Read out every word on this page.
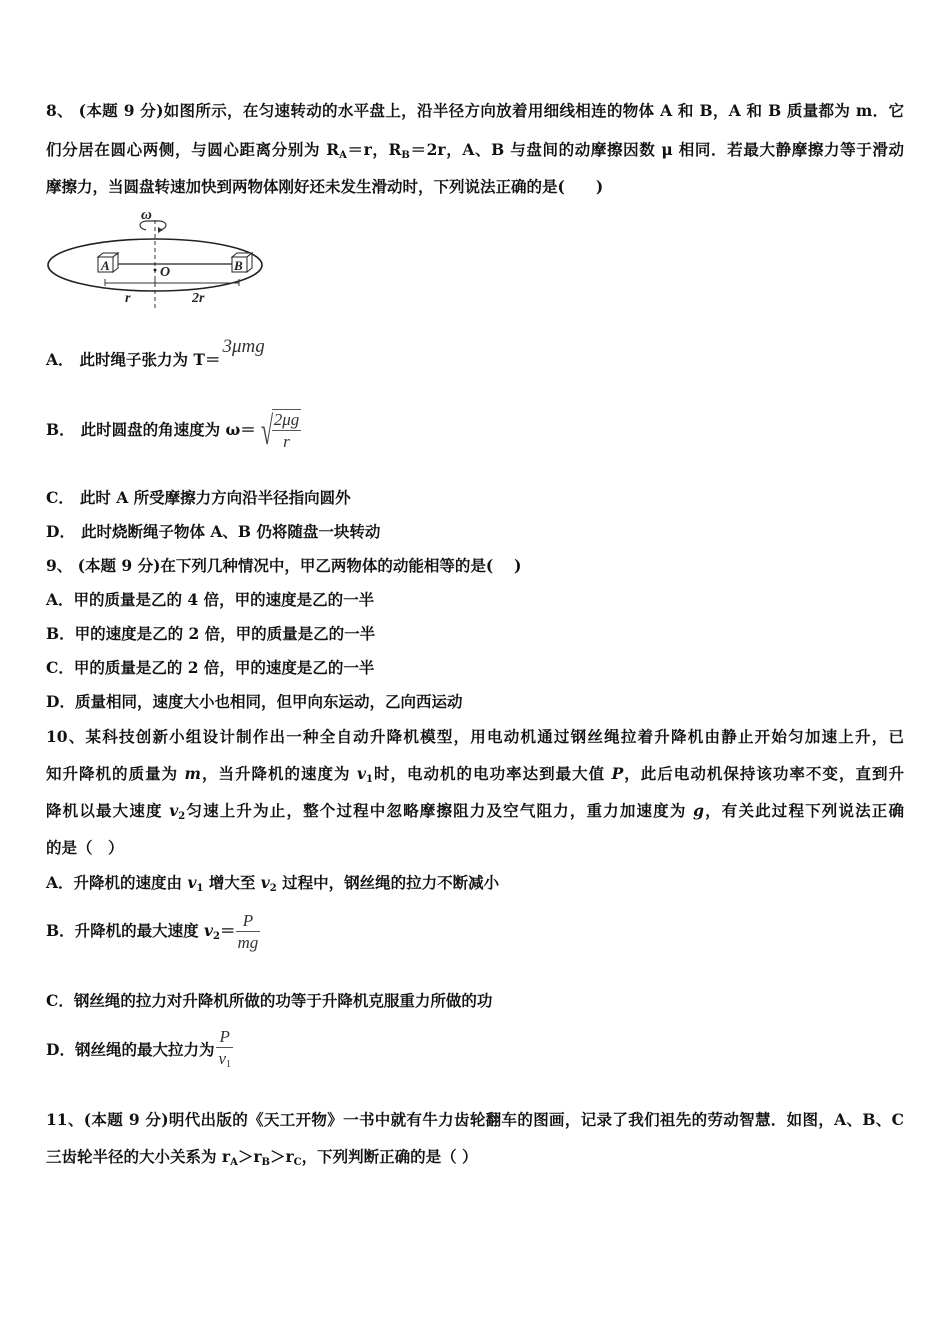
8、 (本题 9 分)如图所示，在匀速转动的水平盘上，沿半径方向放着用细线相连的物体 A 和 B，A 和 B 质量都为 m．它
们分居在圆心两侧，与圆心距离分别为 $R_A=r$，$R_B=2r$，A、B 与盘间的动摩擦因数 μ 相同．若最大静摩擦力等于滑动
摩擦力，当圆盘转速加快到两物体刚好还未发生滑动时，下列说法正确的是(　　)
ω
A	B
O
r	2r
A． 此时绳子张力为 T＝3μmg
B． 此时圆盘的角速度为 ω＝ √
$\frac{2\mu g}{r}$
C． 此时 A 所受摩擦力方向沿半径指向圆外
D． 此时烧断绳子物体 A、B 仍将随盘一块转动
9、 (本题 9 分)在下列几种情况中，甲乙两物体的动能相等的是(　 )
A．甲的质量是乙的 4 倍，甲的速度是乙的一半
B．甲的速度是乙的 2 倍，甲的质量是乙的一半
C．甲的质量是乙的 2 倍，甲的速度是乙的一半
D．质量相同，速度大小也相同，但甲向东运动，乙向西运动
10、某科技创新小组设计制作出一种全自动升降机模型，用电动机通过钢丝绳拉着升降机由静止开始匀加速上升，已
知升降机的质量为 m，当升降机的速度为 $v_1$时，电动机的电功率达到最大值 P，此后电动机保持该功率不变，直到升
降机以最大速度 $v_2$匀速上升为止，整个过程中忽略摩擦阻力及空气阻力，重力加速度为 g，有关此过程下列说法正确
的是（　）
A．升降机的速度由 $v_1$ 增大至 $v_2$ 过程中，钢丝绳的拉力不断减小
B．升降机的最大速度 $v_2= \frac{P}{mg}$
C．钢丝绳的拉力对升降机所做的功等于升降机克服重力所做的功
D．钢丝绳的最大拉力为 $\frac{P}{v_1}$
11、(本题 9 分)明代出版的《天工开物》一书中就有牛力齿轮翻车的图画，记录了我们祖先的劳动智慧．如图，A、B、C
三齿轮半径的大小关系为 $r_A>r_B>r_C$，下列判断正确的是（ ）
